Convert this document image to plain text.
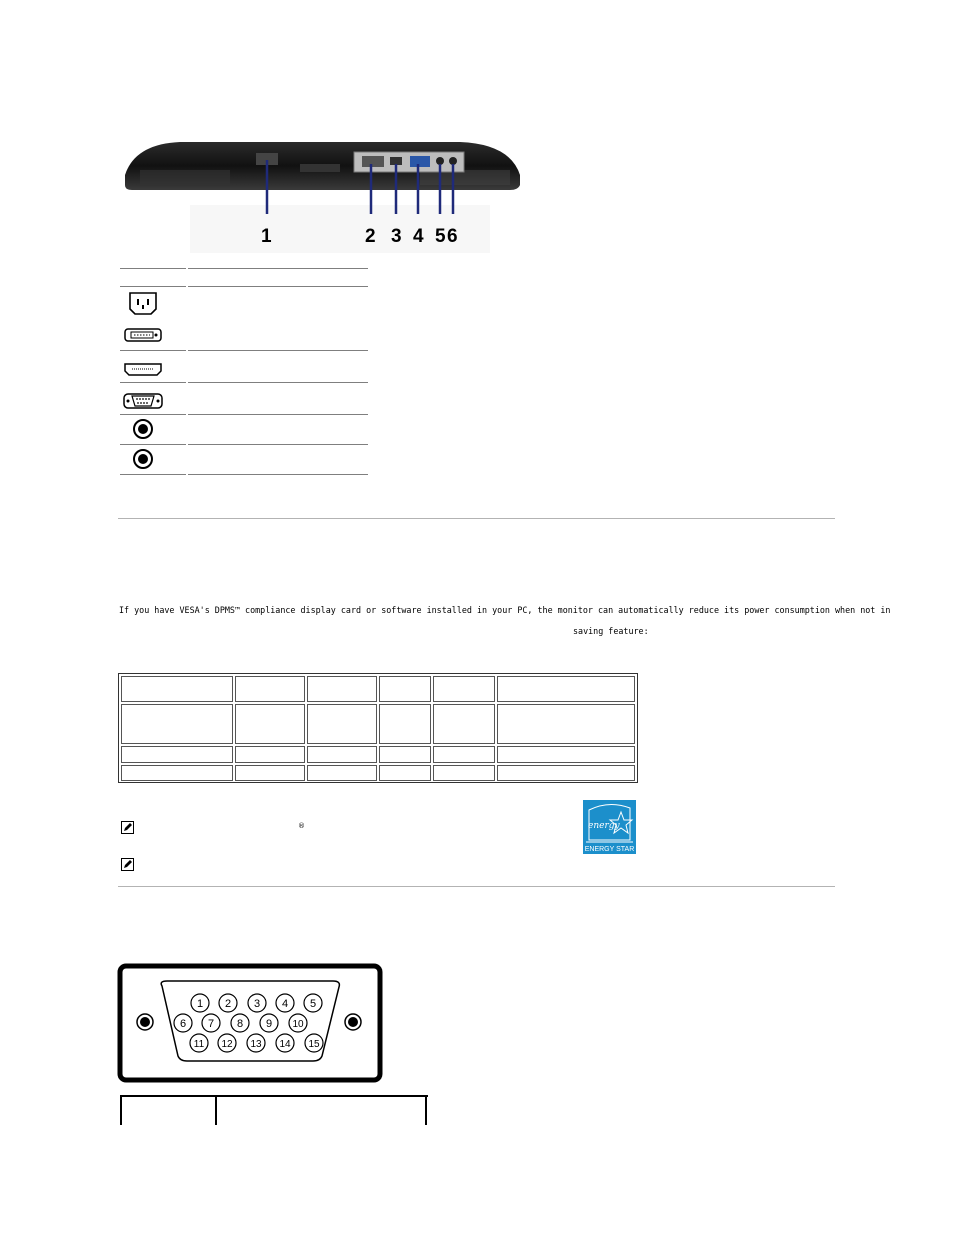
1	2 3 4 5 6
If you have VESA's DPMS™ compliance display card or software installed in your PC, the monitor can automatically reduce its power consumption when not in
saving feature:
®	energy
ENERGY STAR
1 2 3 4 5
6 7 8 9 10
11 12 13 14 15
